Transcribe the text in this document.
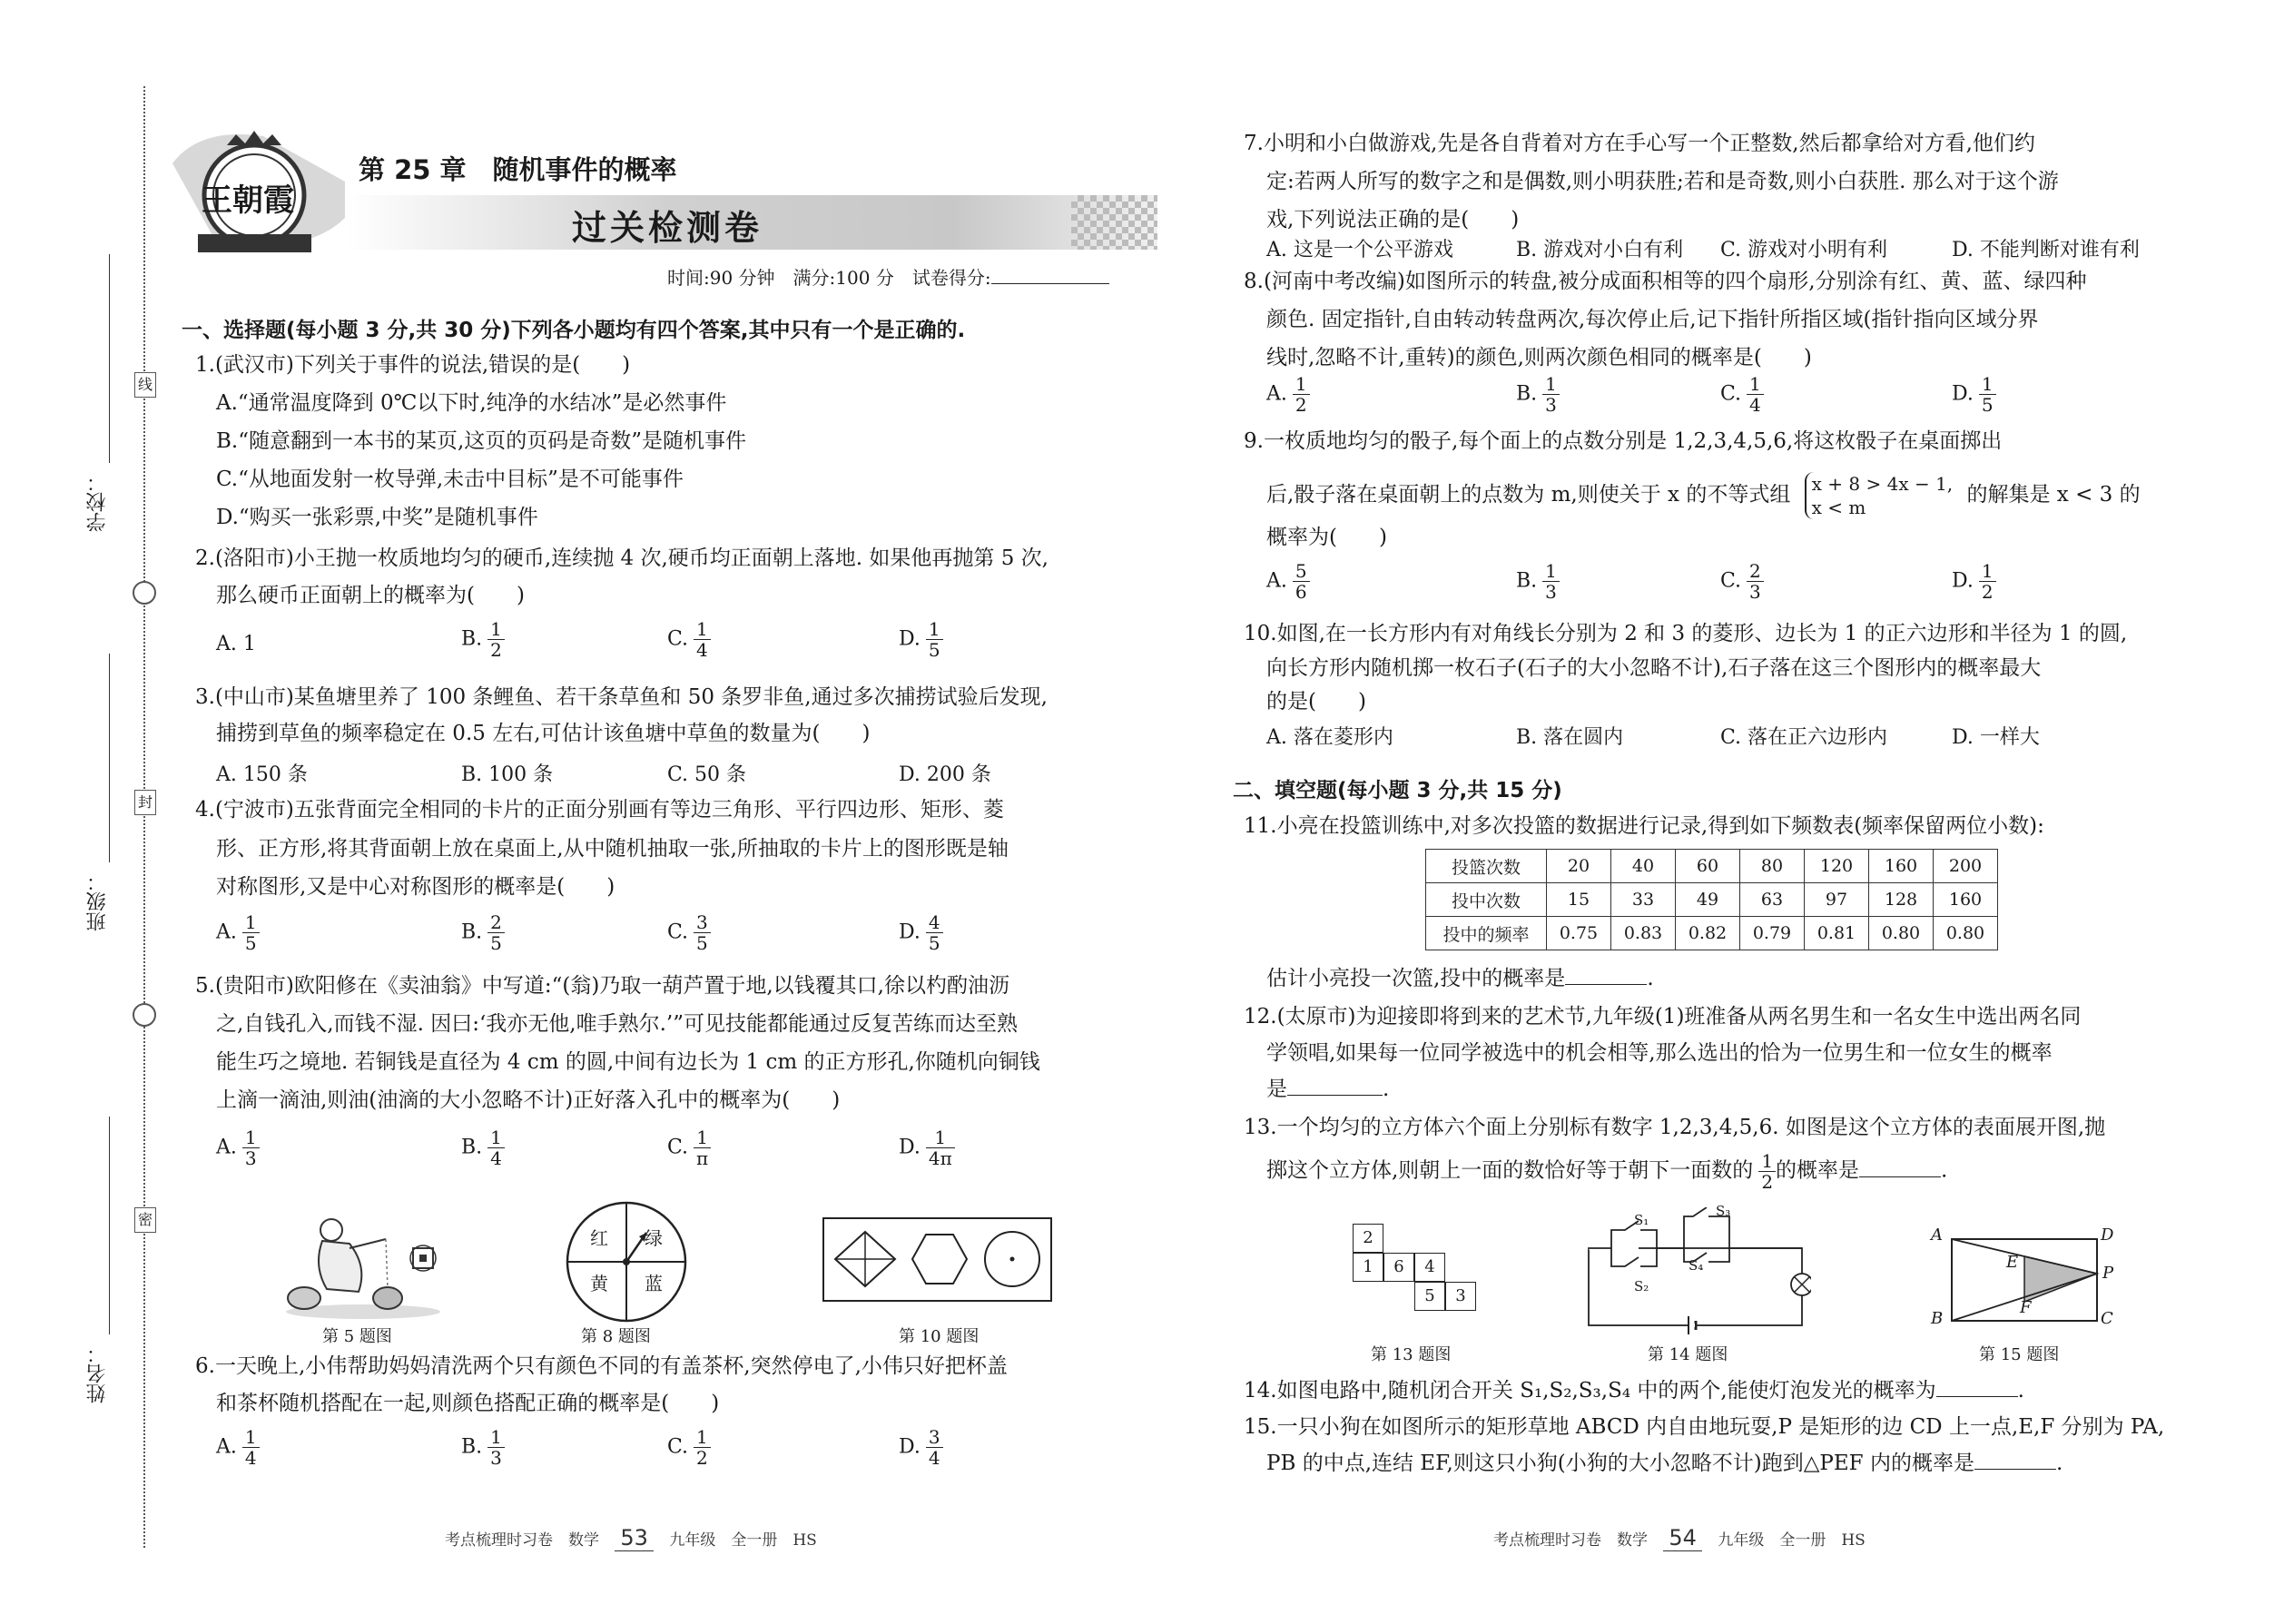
学校：
班级：
姓名：
线
封
密
王朝霞
第 25 章　随机事件的概率
过关检测卷
时间:90 分钟　满分:100 分　试卷得分:
一、选择题(每小题 3 分,共 30 分)下列各小题均有四个答案,其中只有一个是正确的.
1.(武汉市)下列关于事件的说法,错误的是(　　)
A.“通常温度降到 0℃以下时,纯净的水结冰”是必然事件
B.“随意翻到一本书的某页,这页的页码是奇数”是随机事件
C.“从地面发射一枚导弹,未击中目标”是不可能事件
D.“购买一张彩票,中奖”是随机事件
2.(洛阳市)小王抛一枚质地均匀的硬币,连续抛 4 次,硬币均正面朝上落地. 如果他再抛第 5 次,
那么硬币正面朝上的概率为(　　)
A. 1	B. $\frac{1}{2}$	C. $\frac{1}{4}$	D. $\frac{1}{5}$
3.(中山市)某鱼塘里养了 100 条鲤鱼、若干条草鱼和 50 条罗非鱼,通过多次捕捞试验后发现,
捕捞到草鱼的频率稳定在 0.5 左右,可估计该鱼塘中草鱼的数量为(　　)
A. 150 条	B. 100 条	C. 50 条	D. 200 条
4.(宁波市)五张背面完全相同的卡片的正面分别画有等边三角形、平行四边形、矩形、菱
形、正方形,将其背面朝上放在桌面上,从中随机抽取一张,所抽取的卡片上的图形既是轴
对称图形,又是中心对称图形的概率是(　　)
A. $\frac{1}{5}$	B. $\frac{2}{5}$	C. $\frac{3}{5}$	D. $\frac{4}{5}$
5.(贵阳市)欧阳修在《卖油翁》中写道:“(翁)乃取一葫芦置于地,以钱覆其口,徐以杓酌油沥
之,自钱孔入,而钱不湿. 因曰:‘我亦无他,唯手熟尔.’”可见技能都能通过反复苦练而达至熟
能生巧之境地. 若铜钱是直径为 4 cm 的圆,中间有边长为 1 cm 的正方形孔,你随机向铜钱
上滴一滴油,则油(油滴的大小忽略不计)正好落入孔中的概率为(　　)
A. $\frac{1}{3}$	B. $\frac{1}{4}$	C. $\frac{1}{\pi}$	D. $\frac{1}{4\pi}$
第 5 题图
红 绿
黄 蓝
第 8 题图	第 10 题图
6.一天晚上,小伟帮助妈妈清洗两个只有颜色不同的有盖茶杯,突然停电了,小伟只好把杯盖
和茶杯随机搭配在一起,则颜色搭配正确的概率是(　　)
A. $\frac{1}{4}$	B. $\frac{1}{3}$	C. $\frac{1}{2}$	D. $\frac{3}{4}$
考点梳理时习卷　数学 53 九年级　全一册　HS
7.小明和小白做游戏,先是各自背着对方在手心写一个正整数,然后都拿给对方看,他们约
定:若两人所写的数字之和是偶数,则小明获胜;若和是奇数,则小白获胜. 那么对于这个游
戏,下列说法正确的是(　　)
A. 这是一个公平游戏	B. 游戏对小白有利 C. 游戏对小明有利	D. 不能判断对谁有利
8.(河南中考改编)如图所示的转盘,被分成面积相等的四个扇形,分别涂有红、黄、蓝、绿四种
颜色. 固定指针,自由转动转盘两次,每次停止后,记下指针所指区域(指针指向区域分界
线时,忽略不计,重转)的颜色,则两次颜色相同的概率是(　　)
A. $\frac{1}{2}$	B. $\frac{1}{3}$	C. $\frac{1}{4}$	D. $\frac{1}{5}$
9.一枚质地均匀的骰子,每个面上的点数分别是 1,2,3,4,5,6,将这枚骰子在桌面掷出
后,骰子落在桌面朝上的点数为 m,则使关于 x 的不等式组 x + 8 > 4x − 1,
x < m
的解集是 x < 3 的
概率为(　　)
A. $\frac{5}{6}$	B. $\frac{1}{3}$	C. $\frac{2}{3}$	D. $\frac{1}{2}$
10.如图,在一长方形内有对角线长分别为 2 和 3 的菱形、边长为 1 的正六边形和半径为 1 的圆,
向长方形内随机掷一枚石子(石子的大小忽略不计),石子落在这三个图形内的概率最大
的是(　　)
A. 落在菱形内	B. 落在圆内	C. 落在正六边形内	D. 一样大
二、填空题(每小题 3 分,共 15 分)
11.小亮在投篮训练中,对多次投篮的数据进行记录,得到如下频数表(频率保留两位小数):
投篮次数	20	40	60	80	120	160	200
投中次数	15	33	49	63	97	128	160
投中的频率	0.75	0.83	0.82	0.79	0.81	0.80	0.80
估计小亮投一次篮,投中的概率是	.
12.(太原市)为迎接即将到来的艺术节,九年级(1)班准备从两名男生和一名女生中选出两名同
学领唱,如果每一位同学被选中的机会相等,那么选出的恰为一位男生和一位女生的概率
是	.
13.一个均匀的立方体六个面上分别标有数字 1,2,3,4,5,6. 如图是这个立方体的表面展开图,抛
掷这个立方体,则朝上一面的数恰好等于朝下一面数的 $\frac{1}{2}$ 的概率是	.
2
1	6	4
5	3
第 13 题图
S₁
S₂
S₃
S₄
第 14 题图
A	D
B	C
P
E
F
第 15 题图
14.如图电路中,随机闭合开关 S₁,S₂,S₃,S₄ 中的两个,能使灯泡发光的概率为	.
15.一只小狗在如图所示的矩形草地 ABCD 内自由地玩耍,P 是矩形的边 CD 上一点,E,F 分别为 PA,
PB 的中点,连结 EF,则这只小狗(小狗的大小忽略不计)跑到△PEF 内的概率是	.
考点梳理时习卷　数学 54 九年级　全一册　HS
